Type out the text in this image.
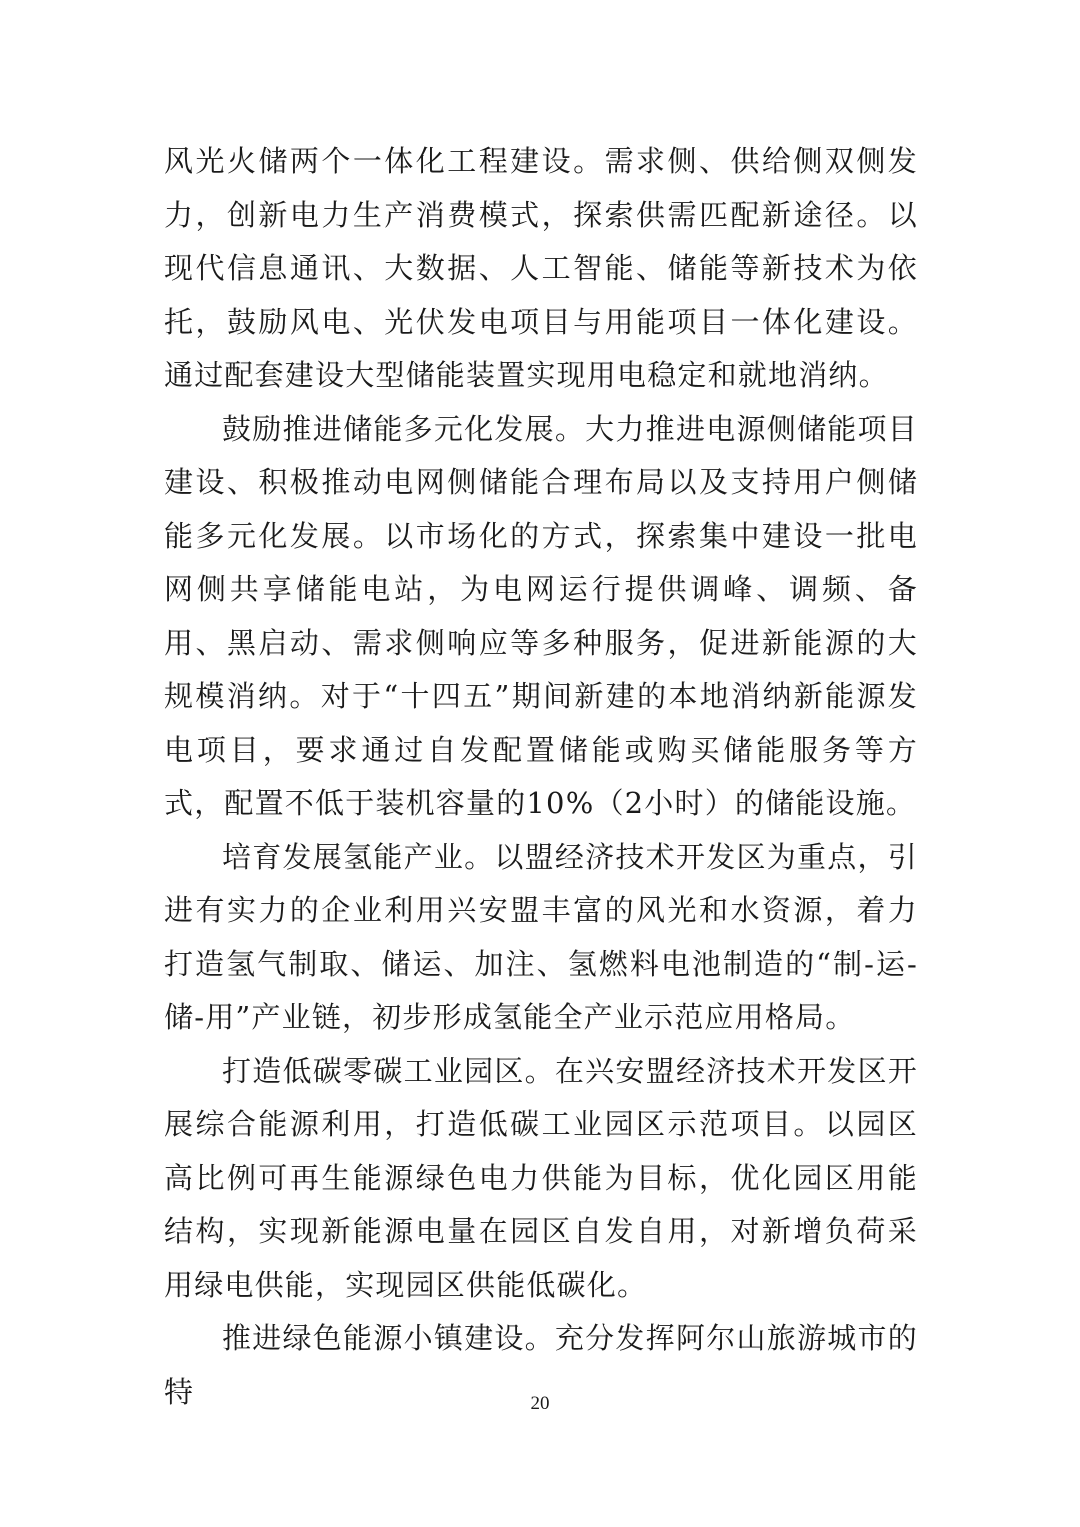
风光火储两个一体化工程建设。需求侧、供给侧双侧发力，创新电力生产消费模式，探索供需匹配新途径。以现代信息通讯、大数据、人工智能、储能等新技术为依托，鼓励风电、光伏发电项目与用能项目一体化建设。通过配套建设大型储能装置实现用电稳定和就地消纳。

鼓励推进储能多元化发展。大力推进电源侧储能项目建设、积极推动电网侧储能合理布局以及支持用户侧储能多元化发展。以市场化的方式，探索集中建设一批电网侧共享储能电站，为电网运行提供调峰、调频、备用、黑启动、需求侧响应等多种服务，促进新能源的大规模消纳。对于“十四五”期间新建的本地消纳新能源发电项目，要求通过自发配置储能或购买储能服务等方式，配置不低于装机容量的10%（2小时）的储能设施。

培育发展氢能产业。以盟经济技术开发区为重点，引进有实力的企业利用兴安盟丰富的风光和水资源，着力打造氢气制取、储运、加注、氢燃料电池制造的“制-运-储-用”产业链，初步形成氢能全产业示范应用格局。

打造低碳零碳工业园区。在兴安盟经济技术开发区开展综合能源利用，打造低碳工业园区示范项目。以园区高比例可再生能源绿色电力供能为目标，优化园区用能结构，实现新能源电量在园区自发自用，对新增负荷采用绿电供能，实现园区供能低碳化。

推进绿色能源小镇建设。充分发挥阿尔山旅游城市的特	20
